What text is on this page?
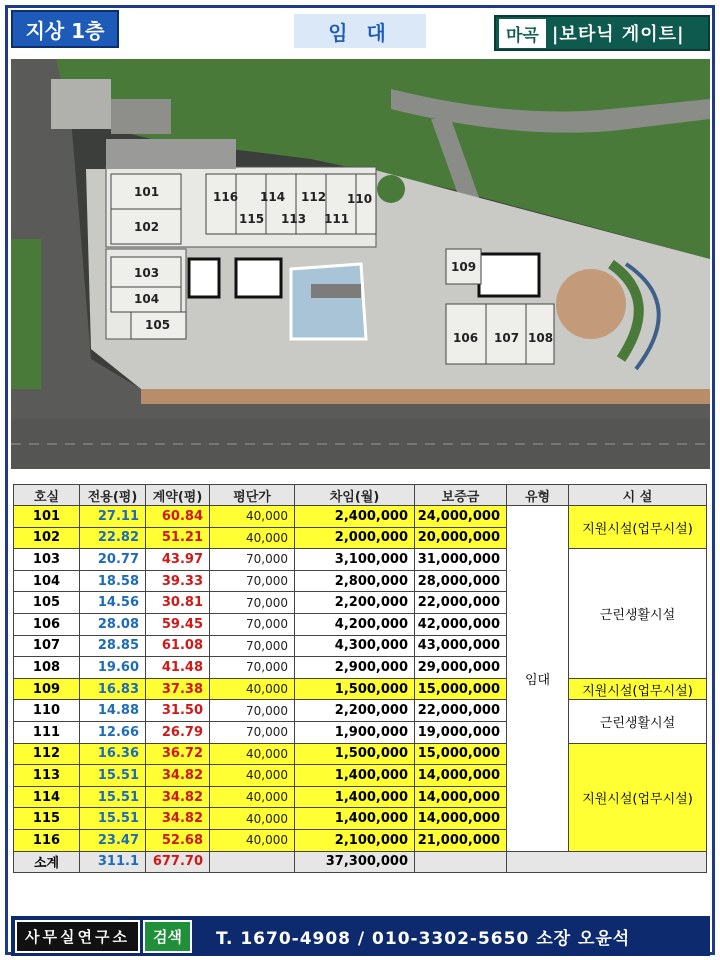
지상 1층	임 대	마곡 |보타닉 게이트|
101
102
103
104
105
116 114
115 113
112
111
110
109
106 107 108
호실	전용(평)	계약(평)	평단가	차임(월)	보증금	유형	시 설
101	27.11	60.84	40,000	2,400,000	24,000,000	임대	지원시설(업무시설)
102	22.82	51.21	40,000	2,000,000	20,000,000		
103	20.77	43.97	70,000	3,100,000	31,000,000		근린생활시설
104	18.58	39.33	70,000	2,800,000	28,000,000		
105	14.56	30.81	70,000	2,200,000	22,000,000		
106	28.08	59.45	70,000	4,200,000	42,000,000		
107	28.85	61.08	70,000	4,300,000	43,000,000		
108	19.60	41.48	70,000	2,900,000	29,000,000		
109	16.83	37.38	40,000	1,500,000	15,000,000		지원시설(업무시설)
110	14.88	31.50	70,000	2,200,000	22,000,000		근린생활시설
111	12.66	26.79	70,000	1,900,000	19,000,000		
112	16.36	36.72	40,000	1,500,000	15,000,000		지원시설(업무시설)
113	15.51	34.82	40,000	1,400,000	14,000,000		
114	15.51	34.82	40,000	1,400,000	14,000,000		
115	15.51	34.82	40,000	1,400,000	14,000,000		
116	23.47	52.68	40,000	2,100,000	21,000,000		
소계	311.1	677.70		37,300,000			
사무실연구소	검색	T. 1670-4908 / 010-3302-5650 소장 오윤석
